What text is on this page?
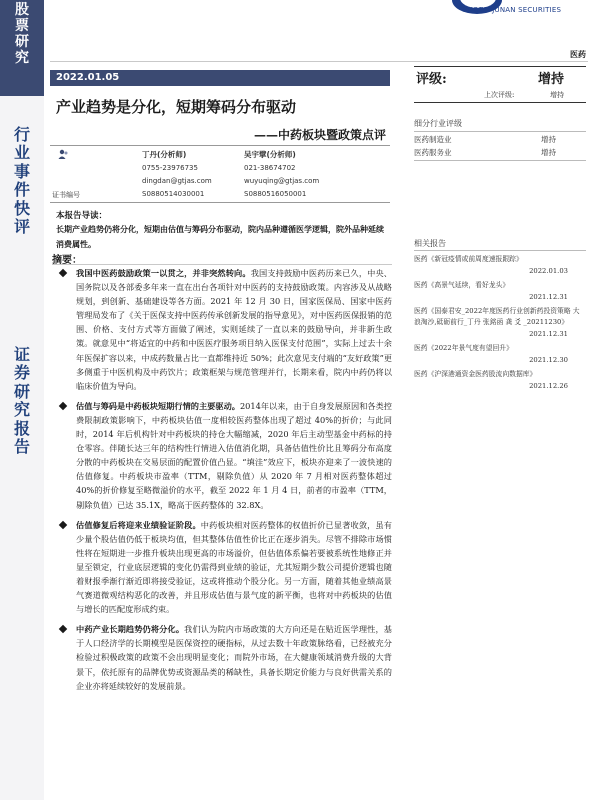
股
票
研
究
行
业
事
件
快
评
证
券
研
究
报
告
GUOTAI JUNAN SECURITIES
医药
2022.01.05
产业趋势是分化，短期筹码分布驱动
——中药板块暨政策点评
丁丹(分析师)	吴宇擘(分析师)
0755-23976735	021-38674702
dingdan@gtjas.com	wuyuqing@gtjas.com
证书编号	S0880514030001	S0880516050001
本报告导读：
长期产业趋势仍将分化，短期由估值与筹码分布驱动，院内品种遵循医学逻辑，院外品种延续消费属性。
摘要：
我国中医药鼓励政策一以贯之，并非突然转向。我国支持鼓励中医药历来已久，中央、国务院以及各部委多年来一直在出台各项针对中医药的支持鼓励政策。内容涉及从战略规划，到创新、基础建设等各方面。2021 年 12 月 30 日，国家医保局、国家中医药管理局发布了《关于医保支持中医药传承创新发展的指导意见》，对中医药医保报销的范围、价格、支付方式等方面做了阐述，实则延续了一直以来的鼓励导向，并非新生政策。就意见中“将适宜的中药和中医医疗服务项目纳入医保支付范围”，实际上过去十余年医保扩容以来，中成药数量占比一直都维持近 50%；此次意见支付端的“友好政策”更多侧重于中医机构及中药饮片；政策框架与规范管理并行，长期来看，院内中药仍将以临床价值为导向。
估值与筹码是中药板块短期行情的主要驱动。2014年以来，由于自身发展原因和各类控费限制政策影响下，中药板块估值一度相较医药整体出现了超过 40%的折价；与此同时，2014 年后机构针对中药板块的持仓大幅缩减，2020 年后主动型基金中药标的持仓零容。伴随长达三年的结构性行情进入估值消化期，具备估值性价比且筹码分布高度分散的中药板块在交易层面的配置价值凸显。“填洼”效应下，板块亦迎来了一波快速的估值修复。中药板块市盈率（TTM，剔除负值）从 2020 年 7 月相对医药整体超过 40%的折价修复至略微溢价的水平，截至 2022 年 1 月 4 日，前者的市盈率（TTM，剔除负值）已达 35.1X，略高于医药整体的 32.8X。
估值修复后将迎来业绩验证阶段。中药板块相对医药整体的权值折价已显著收敛，虽有少量个股估值仍低于板块均值，但其整体估值性价比正在逐步消失。尽管不排除市场惯性将在短期进一步推升板块出现更高的市场溢价，但估值体系偏若要被系统性地修正并显至锁定，行业底层逻辑的变化仍需得到业绩的验证，尤其短期少数公司提价逻辑也随着财报季渐行渐近即将接受验证，这或将推动个股分化。另一方面，随着其他业绩高景气赛道微观结构恶化的改善，并且形成估值与景气度的新平衡，也将对中药板块的估值与增长的匹配度形成约束。
中药产业长期趋势仍将分化。我们认为院内市场政策的大方向还是在贴近医学理性，基于人口经济学的长期模型是医保资控的硬指标，从过去数十年政策脉络看，已经被充分检验过积极政策的政策不会出现明显变化；而院外市场，在大健康领域消费升级的大背景下，依托原有的品牌优势或资源品类的稀缺性，具备长期定价能力与良好供需关系的企业亦将延续较好的发展前景。
评级:	增持
上次评级:	增持
细分行业评级
医药制造业	增持
医药服务业	增持
相关报告
医药《新冠疫情或前周度速报跟踪》
2022.01.03
医药《高景气延续，看好龙头》
2021.12.31
医药《国泰君安_2022年度医药行业创新药投资策略 大浪淘沙,砥砺前行_丁丹 张銘函 龚 爻 _20211230》
2021.12.31
医药《2022年景气度有望回升》
2021.12.30
医药《沪深港通资金医药股流向数据库》
2021.12.26
